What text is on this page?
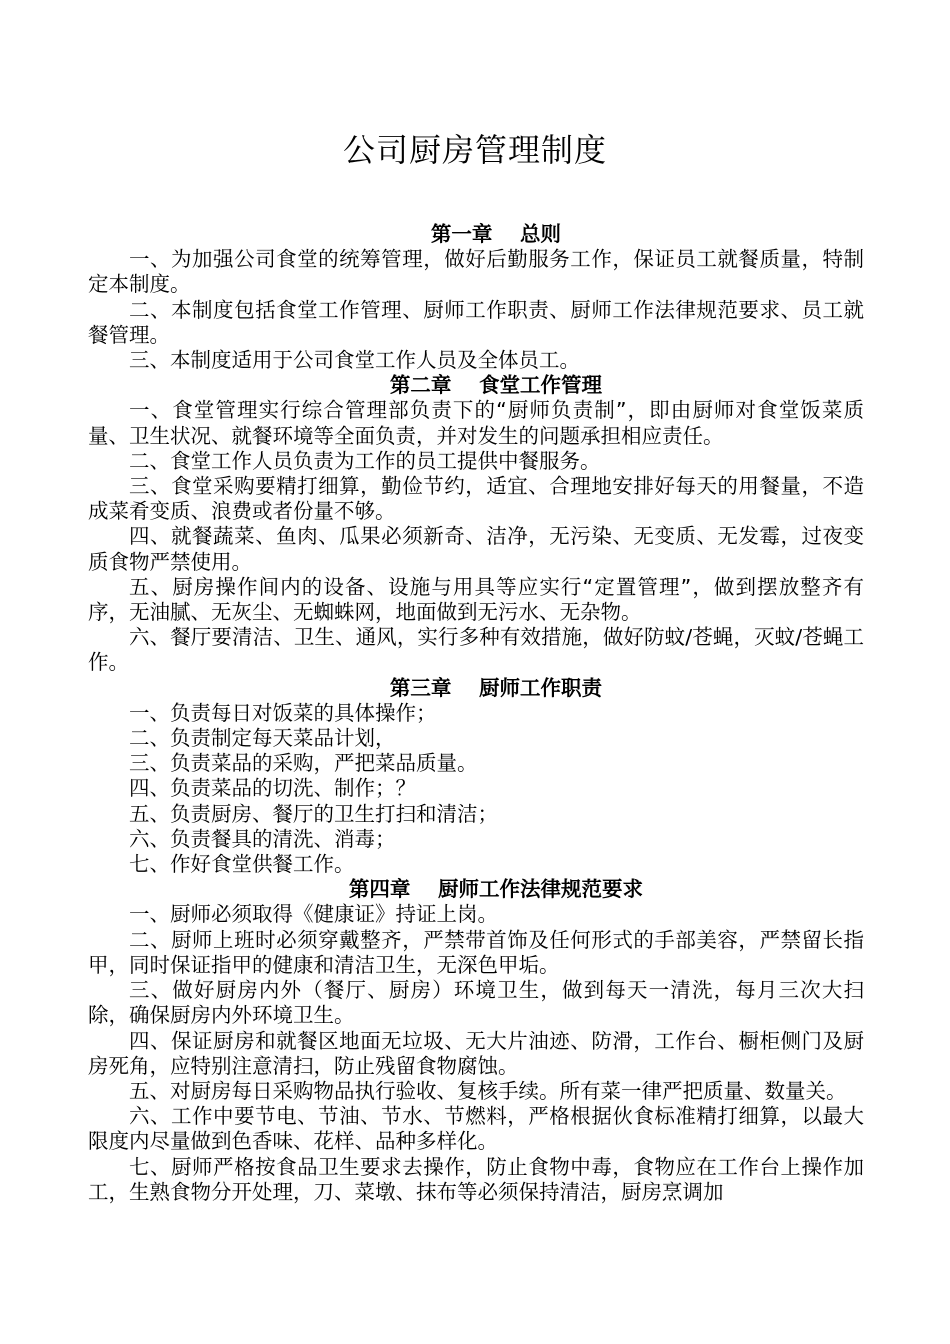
公司厨房管理制度
第一章　 总则

一、为加强公司食堂的统筹管理，做好后勤服务工作，保证员工就餐质量，特制定本制度。

二、本制度包括食堂工作管理、厨师工作职责、厨师工作法律规范要求、员工就餐管理。

三、本制度适用于公司食堂工作人员及全体员工。

第二章　 食堂工作管理

一、食堂管理实行综合管理部负责下的“厨师负责制”，即由厨师对食堂饭菜质量、卫生状况、就餐环境等全面负责，并对发生的问题承担相应责任。

二、食堂工作人员负责为工作的员工提供中餐服务。

三、食堂采购要精打细算，勤俭节约，适宜、合理地安排好每天的用餐量，不造成菜肴变质、浪费或者份量不够。

四、就餐蔬菜、鱼肉、瓜果必须新奇、洁净，无污染、无变质、无发霉，过夜变质食物严禁使用。

五、厨房操作间内的设备、设施与用具等应实行“定置管理”，做到摆放整齐有序，无油腻、无灰尘、无蜘蛛网，地面做到无污水、无杂物。

六、餐厅要清洁、卫生、通风，实行多种有效措施，做好防蚊/苍蝇，灭蚊/苍蝇工作。

第三章　 厨师工作职责

一、负责每日对饭菜的具体操作；

二、负责制定每天菜品计划，

三、负责菜品的采购，严把菜品质量。

四、负责菜品的切洗、制作；？

五、负责厨房、餐厅的卫生打扫和清洁；

六、负责餐具的清洗、消毒；

七、作好食堂供餐工作。

第四章　 厨师工作法律规范要求

一、厨师必须取得《健康证》持证上岗。

二、厨师上班时必须穿戴整齐，严禁带首饰及任何形式的手部美容，严禁留长指甲，同时保证指甲的健康和清洁卫生，无深色甲垢。

三、做好厨房内外（餐厅、厨房）环境卫生，做到每天一清洗，每月三次大扫除，确保厨房内外环境卫生。

四、保证厨房和就餐区地面无垃圾、无大片油迹、防滑，工作台、橱柜侧门及厨房死角，应特别注意清扫，防止残留食物腐蚀。

五、对厨房每日采购物品执行验收、复核手续。所有菜一律严把质量、数量关。

六、工作中要节电、节油、节水、节燃料，严格根据伙食标准精打细算，以最大限度内尽量做到色香味、花样、品种多样化。

七、厨师严格按食品卫生要求去操作，防止食物中毒，食物应在工作台上操作加工，生熟食物分开处理，刀、菜墩、抹布等必须保持清洁，厨房烹调加
